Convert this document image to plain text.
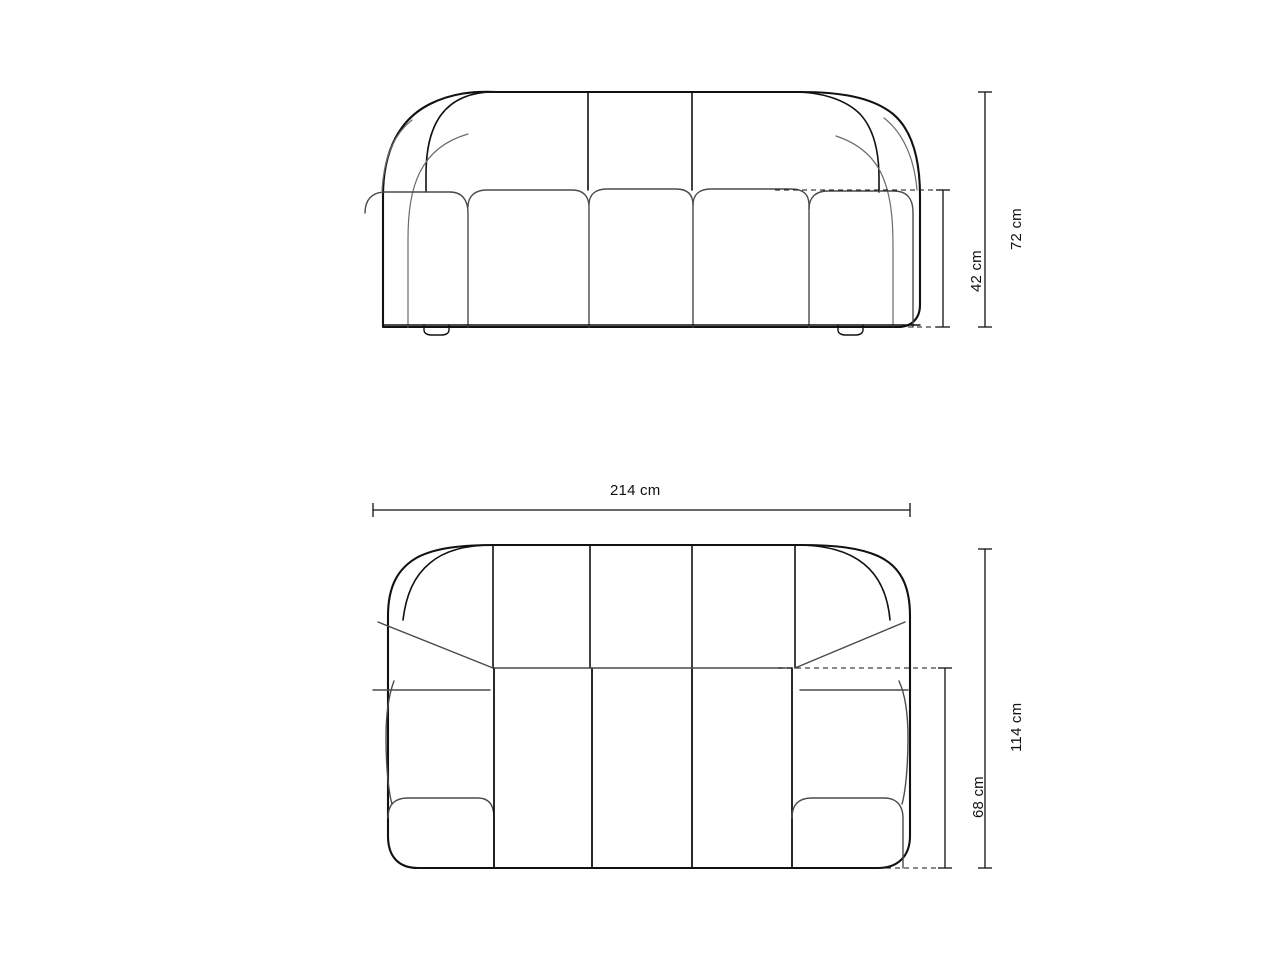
72 cm
42 cm
214 cm
114 cm
68 cm
